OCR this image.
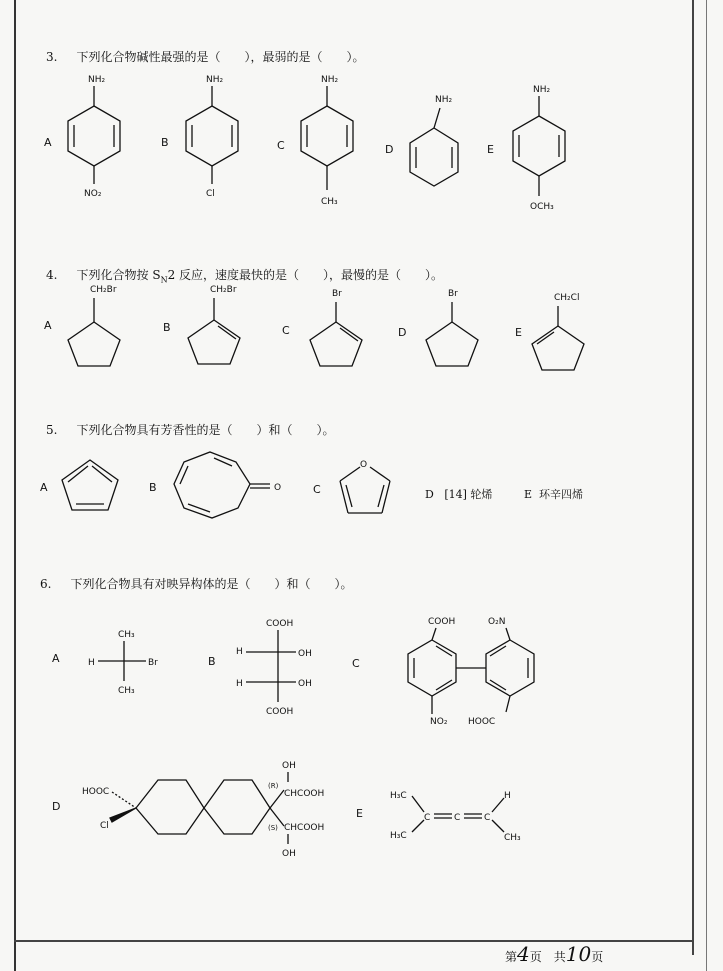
3. 下列化合物碱性最强的是（　　），最弱的是（　　）。
A
NH₂
NO₂
B
NH₂
Cl
C
NH₂
CH₃
D
NH₂
E
NH₂
OCH₃
4. 下列化合物按 $S_N2$ 反应，速度最快的是（　　），最慢的是（　　）。
A
CH₂Br
B
CH₂Br
C
Br
D
Br
E
CH₂Cl
5. 下列化合物具有芳香性的是（　　）和（　　）。
A	B	O	C
O
D [14] 轮烯	E 环辛四烯
6. 下列化合物具有对映异构体的是（　　）和（　　）。
A
CH₃
H	Br
CH₃
B
COOH
H	OH
H	OH
COOH
C
COOH	O₂N
NO₂ HOOC
D
HOOC
Cl
OH
(R)
CHCOOH
(S) CHCOOH
OH
E
H₃C
H₃C
C	C	C
H
CH₃
第4页　共10页
